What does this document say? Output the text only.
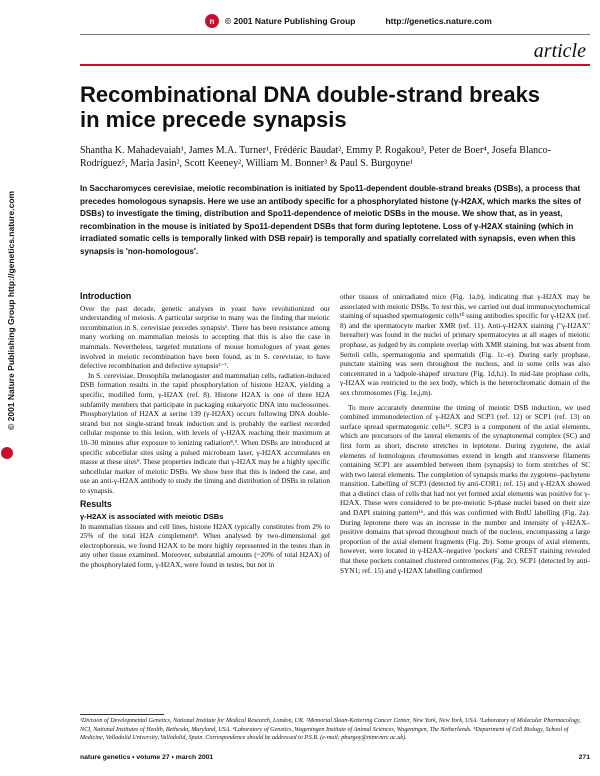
n	© 2001 Nature Publishing Group	http://genetics.nature.com
article
Recombinational DNA double-strand breaks in mice precede synapsis

Shantha K. Mahadevaiah¹, James M.A. Turner¹, Frédéric Baudat², Emmy P. Rogakou³, Peter de Boer⁴, Josefa Blanco-Rodríguez⁵, Maria Jasin², Scott Keeney², William M. Bonner³ & Paul S. Burgoyne¹

In Saccharomyces cerevisiae, meiotic recombination is initiated by Spo11-dependent double-strand breaks (DSBs), a process that precedes homologous synapsis. Here we use an antibody specific for a phosphorylated histone (γ-H2AX, which marks the sites of DSBs) to investigate the timing, distribution and Spo11-dependence of meiotic DSBs in the mouse. We show that, as in yeast, recombination in the mouse is initiated by Spo11-dependent DSBs that form during leptotene. Loss of γ-H2AX staining (which in irradiated somatic cells is temporally linked with DSB repair) is temporally and spatially correlated with synapsis, even when this synapsis is 'non-homologous'.

© 2001 Nature Publishing Group http://genetics.nature.com	Introduction

Over the past decade, genetic analyses in yeast have revolutionized our understanding of meiosis. A particular surprise to many was the finding that meiotic recombination in S. cerevisiae precedes synapsis¹. There has been resistance among many working on mammalian meiosis to accepting that this is also the case in mammals. Nevertheless, targeted mutations of mouse homologues of yeast genes involved in meiotic recombination have been found, as in S. cerevisiae, to have defective recombination and defective synapsis²⁻⁷.

In S. cerevisiae, Drosophila melanogaster and mammalian cells, radiation-induced DSB formation results in the rapid phosphorylation of histone H2AX, yielding a specific, modified form, γ-H2AX (ref. 8). Histone H2AX is one of three H2A subfamily members that participate in packaging eukaryotic DNA into nucleosomes. Phosphorylation of H2AX at serine 139 (γ-H2AX) occurs following DNA double-strand but not single-strand break induction and is probably the earliest recorded cellular response to this lesion, with levels of γ-H2AX reaching their maximum at 10–30 minutes after exposure to ionizing radiation⁸,⁹. When DSBs are introduced at specific subcellular sites using a pulsed microbeam laser, γ-H2AX accumulates en masse at these sites⁹. These properties indicate that γ-H2AX may be a highly specific subcellular marker of meiotic DSBs. We show here that this is indeed the case, and use an anti-γ-H2AX antibody to study the timing and distribution of DSBs in relation to synapsis.

Results
γ-H2AX is associated with meiotic DSBs

In mammalian tissues and cell lines, histone H2AX typically constitutes from 2% to 25% of the total H2A complement⁸. When analysed by two-dimensional gel electrophoresis, we found H2AX to be more highly represented in the testes than in any other tissue examined. Moreover, substantial amounts (~20% of total H2AX) of the phosphorylated form, γ-H2AX, were found in testes, but not in

other tissues of unirradiated mice (Fig. 1a,b), indicating that γ-H2AX may be associated with meiotic DSBs. To test this, we carried out dual immunocytochemical staining of squashed spermatogenic cells¹⁰ using antibodies specific for γ-H2AX (ref. 8) and the spermatocyte marker XMR (ref. 11). Anti-γ-H2AX staining ("γ-H2AX" hereafter) was found in the nuclei of primary spermatocytes at all stages of meiotic prophase, as judged by its complete overlap with XMR staining, but was absent from Sertoli cells, spermatogonia and spermatids (Fig. 1c–e). During early prophase, punctate staining was seen throughout the nucleus, and in some cells was also concentrated in a 'tadpole-shaped' structure (Fig. 1d,h,i). In mid-late prophase cells, γ-H2AX was restricted to the sex body, which is the heterochromatic domain of the sex chromosomes (Fig. 1e,j,m).

To more accurately determine the timing of meiotic DSB induction, we used combined immunodetection of γ-H2AX and SCP3 (ref. 12) or SCP1 (ref. 13) on surface spread spermatogenic cells¹⁴. SCP3 is a component of the axial elements, which are precursors of the lateral elements of the synaptonemal complex (SC) and first form as short, discrete stretches in leptotene. During zygotene, the axial elements of homologous chromosomes extend in length and transverse filaments containing SCP1 are assembled between them (synapsis) to form stretches of SC with two lateral elements. The completion of synapsis marks the zygotene–pachytene transition. Labelling of SCP3 (detected by anti-COR1; ref. 15) and γ-H2AX showed that a distinct class of cells that had not yet formed axial elements was positive for γ-H2AX. These were considered to be pre-meiotic S-phase nuclei based on their size and DAPI staining pattern¹⁶, and this was confirmed with BrdU labelling (Fig. 2a). During leptotene there was an increase in the number and intensity of γ-H2AX–positive domains that spread throughout much of the nucleus, encompassing a large proportion of the axial element fragments (Fig. 2b). Some groups of axial elements, however, were located in γ-H2AX–negative 'pockets' and CREST staining revealed that these pockets contained clustered centromeres (Fig. 2c). SCP1 (detected by anti-SYN1; ref. 15) and γ-H2AX labelling confirmed

¹Division of Developmental Genetics, National Institute for Medical Research, London, UK. ²Memorial Sloan-Kettering Cancer Center, New York, New York, USA. ³Laboratory of Molecular Pharmacology, NCI, National Institutes of Health, Bethesda, Maryland, USA. ⁴Laboratory of Genetics, Wageningen Institute of Animal Sciences, Wageningen, The Netherlands. ⁵Department of Cell Biology, School of Medicine, Valladolid University, Valladolid, Spain. Correspondence should be addressed to P.S.B. (e-mail: pburgoy@nimr.mrc.ac.uk).

nature genetics • volume 27 • march 2001	271
